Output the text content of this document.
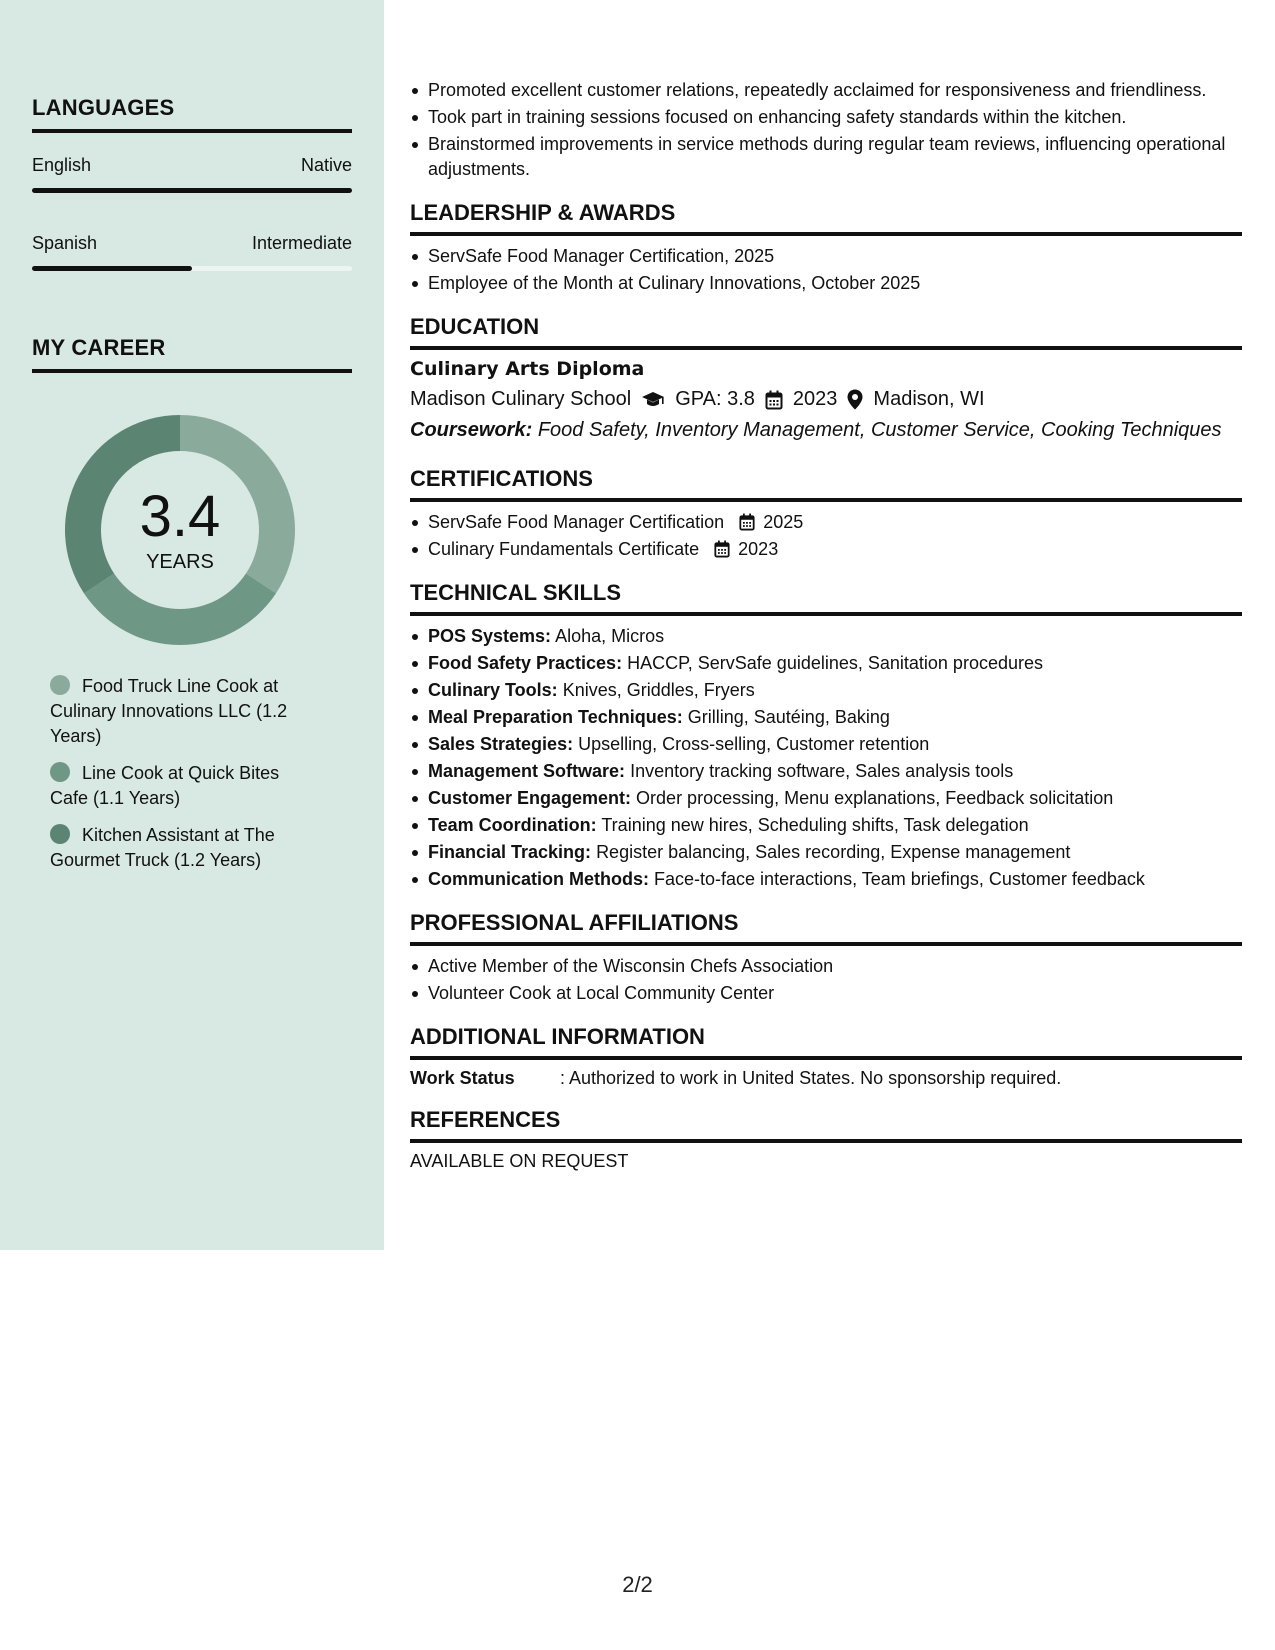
LANGUAGES
English	Native
Spanish	Intermediate
MY CAREER
3.4
YEARS
Food Truck Line Cook at Culinary Innovations LLC (1.2 Years)
Line Cook at Quick Bites Cafe (1.1 Years)
Kitchen Assistant at The Gourmet Truck (1.2 Years)
Promoted excellent customer relations, repeatedly acclaimed for responsiveness and friendliness.
Took part in training sessions focused on enhancing safety standards within the kitchen.
Brainstormed improvements in service methods during regular team reviews, influencing operational adjustments.
LEADERSHIP & AWARDS
ServSafe Food Manager Certification, 2025
Employee of the Month at Culinary Innovations, October 2025
EDUCATION
Culinary Arts Diploma
Madison Culinary School GPA: 3.8 2023 Madison, WI
Coursework: Food Safety, Inventory Management, Customer Service, Cooking Techniques
CERTIFICATIONS
ServSafe Food Manager Certification 2025
Culinary Fundamentals Certificate 2023
TECHNICAL SKILLS
POS Systems: Aloha, Micros
Food Safety Practices: HACCP, ServSafe guidelines, Sanitation procedures
Culinary Tools: Knives, Griddles, Fryers
Meal Preparation Techniques: Grilling, Sautéing, Baking
Sales Strategies: Upselling, Cross-selling, Customer retention
Management Software: Inventory tracking software, Sales analysis tools
Customer Engagement: Order processing, Menu explanations, Feedback solicitation
Team Coordination: Training new hires, Scheduling shifts, Task delegation
Financial Tracking: Register balancing, Sales recording, Expense management
Communication Methods: Face-to-face interactions, Team briefings, Customer feedback
PROFESSIONAL AFFILIATIONS
Active Member of the Wisconsin Chefs Association
Volunteer Cook at Local Community Center
ADDITIONAL INFORMATION
Work Status	: Authorized to work in United States. No sponsorship required.
REFERENCES
AVAILABLE ON REQUEST
2/2
